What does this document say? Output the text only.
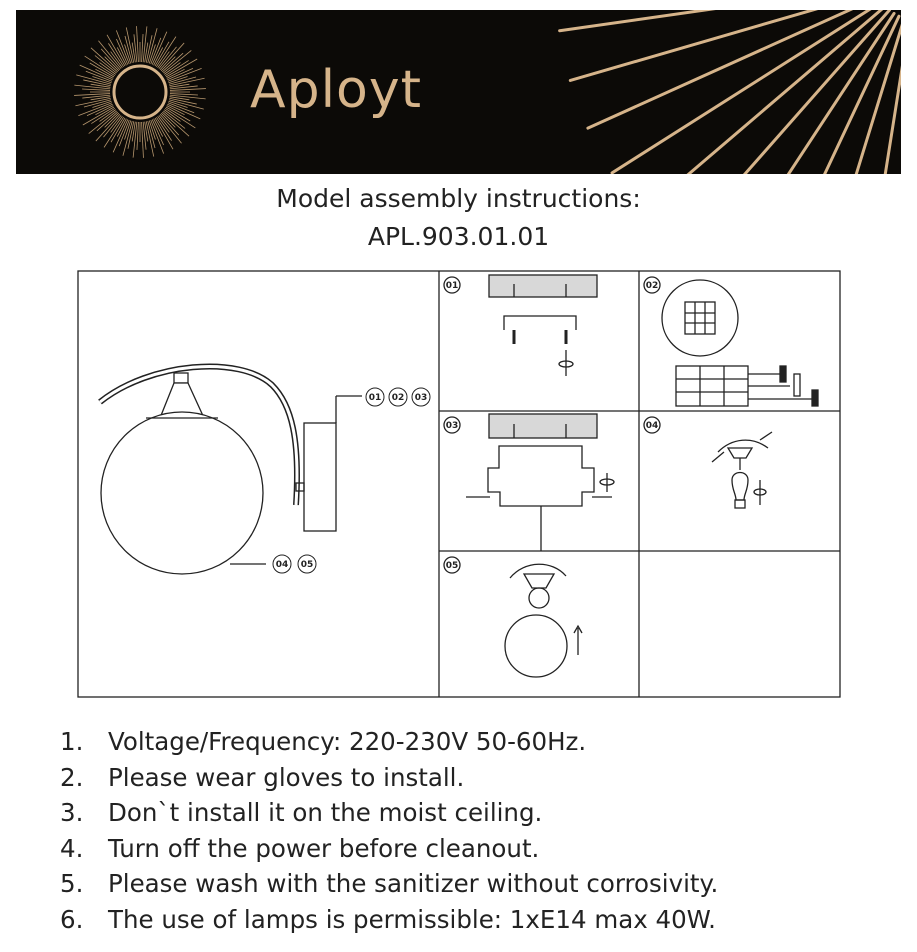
Aployt
Model assembly instructions:
APL.903.01.01
01	02
03	04
05
01 02 03
04 05
1.	Voltage/Frequency: 220-230V 50-60Hz.
2.	Please wear gloves to install.
3.	Don`t install it on the moist ceiling.
4.	Turn off the power before cleanout.
5.	Please wash with the sanitizer without corrosivity.
6.	The use of lamps is permissible: 1xE14 max 40W.
